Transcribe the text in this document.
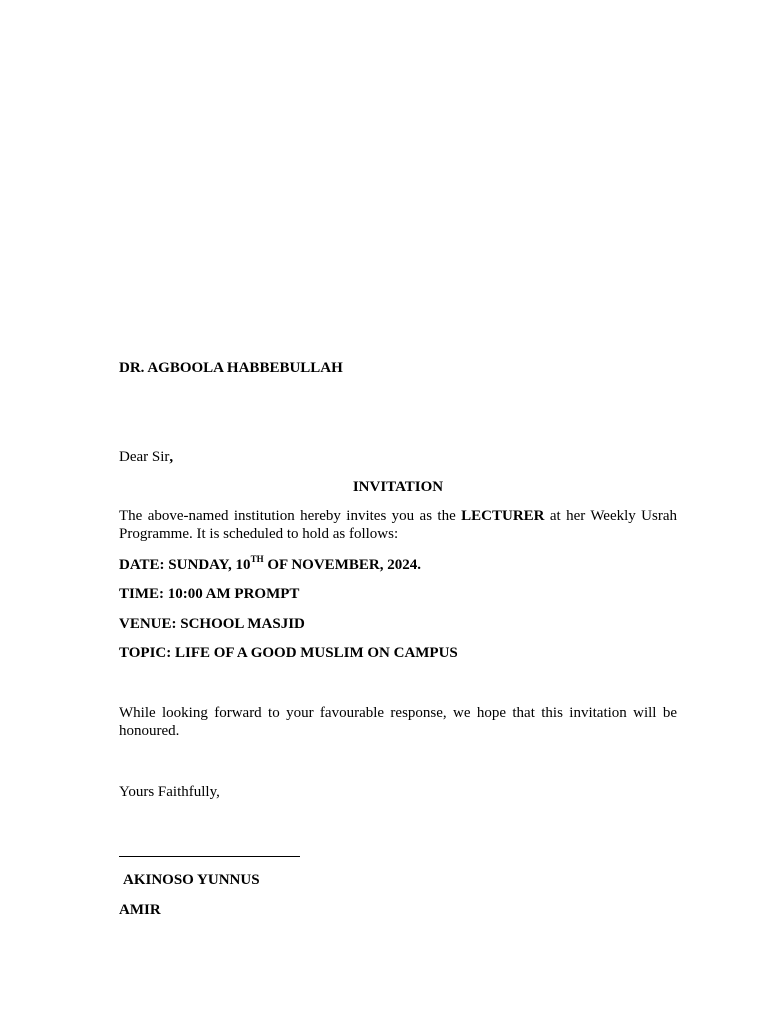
DR. AGBOOLA HABBEBULLAH

Dear Sir,

INVITATION

The above-named institution hereby invites you as the LECTURER at her Weekly Usrah Programme. It is scheduled to hold as follows:

DATE: SUNDAY, 10TH OF NOVEMBER, 2024.

TIME: 10:00 AM PROMPT

VENUE: SCHOOL MASJID

TOPIC: LIFE OF A GOOD MUSLIM ON CAMPUS

While looking forward to your favourable response, we hope that this invitation will be honoured.

Yours Faithfully,

AKINOSO YUNNUS

AMIR
